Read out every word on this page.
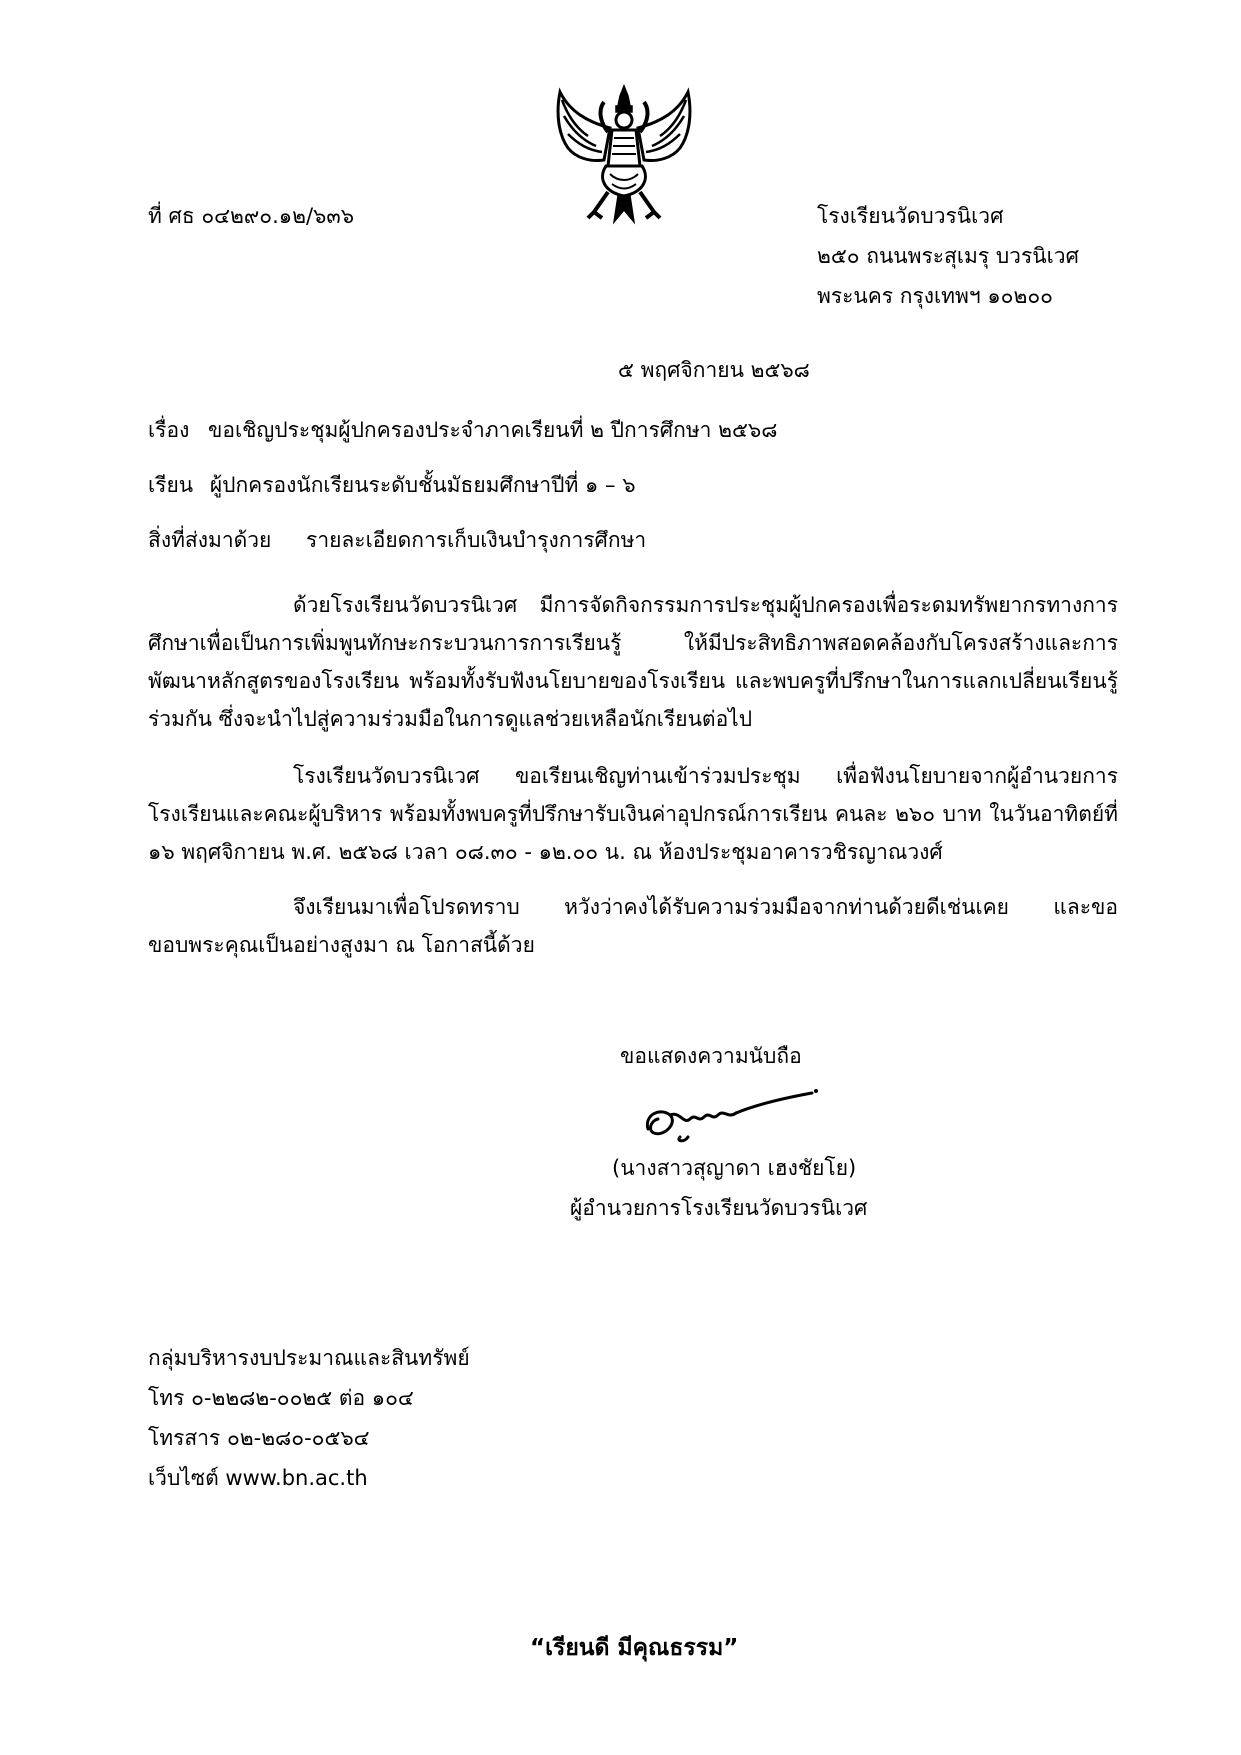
ที่ ศธ ๐๔๒๙๐.๑๒/๖๓๖	โรงเรียนวัดบวรนิเวศ
๒๕๐ ถนนพระสุเมรุ บวรนิเวศ
พระนคร กรุงเทพฯ ๑๐๒๐๐
๕ พฤศจิกายน ๒๕๖๘
เรื่อง ขอเชิญประชุมผู้ปกครองประจำภาคเรียนที่ ๒ ปีการศึกษา ๒๕๖๘
เรียน ผู้ปกครองนักเรียนระดับชั้นมัธยมศึกษาปีที่ ๑ – ๖
สิ่งที่ส่งมาด้วย รายละเอียดการเก็บเงินบำรุงการศึกษา
ด้วยโรงเรียนวัดบวรนิเวศ มีการจัดกิจกรรมการประชุมผู้ปกครองเพื่อระดมทรัพยากรทางการศึกษาเพื่อเป็นการเพิ่มพูนทักษะกระบวนการการเรียนรู้ ให้มีประสิทธิภาพสอดคล้องกับโครงสร้างและการพัฒนาหลักสูตรของโรงเรียน พร้อมทั้งรับฟังนโยบายของโรงเรียน และพบครูที่ปรึกษาในการแลกเปลี่ยนเรียนรู้ร่วมกัน ซึ่งจะนำไปสู่ความร่วมมือในการดูแลช่วยเหลือนักเรียนต่อไป
โรงเรียนวัดบวรนิเวศ ขอเรียนเชิญท่านเข้าร่วมประชุม เพื่อฟังนโยบายจากผู้อำนวยการโรงเรียนและคณะผู้บริหาร พร้อมทั้งพบครูที่ปรึกษารับเงินค่าอุปกรณ์การเรียน คนละ ๒๖๐ บาท ในวันอาทิตย์ที่ ๑๖ พฤศจิกายน พ.ศ. ๒๕๖๘ เวลา ๐๘.๓๐ - ๑๒.๐๐ น. ณ ห้องประชุมอาคารวชิรญาณวงศ์
จึงเรียนมาเพื่อโปรดทราบ หวังว่าคงได้รับความร่วมมือจากท่านด้วยดีเช่นเคย และขอขอบพระคุณเป็นอย่างสูงมา ณ โอกาสนี้ด้วย
ขอแสดงความนับถือ
(นางสาวสุญาดา เฮงชัยโย)
ผู้อำนวยการโรงเรียนวัดบวรนิเวศ
กลุ่มบริหารงบประมาณและสินทรัพย์
โทร ๐-๒๒๘๒-๐๐๒๕ ต่อ ๑๐๔
โทรสาร ๐๒-๒๘๐-๐๕๖๔
เว็บไซต์ www.bn.ac.th
“เรียนดี มีคุณธรรม”
